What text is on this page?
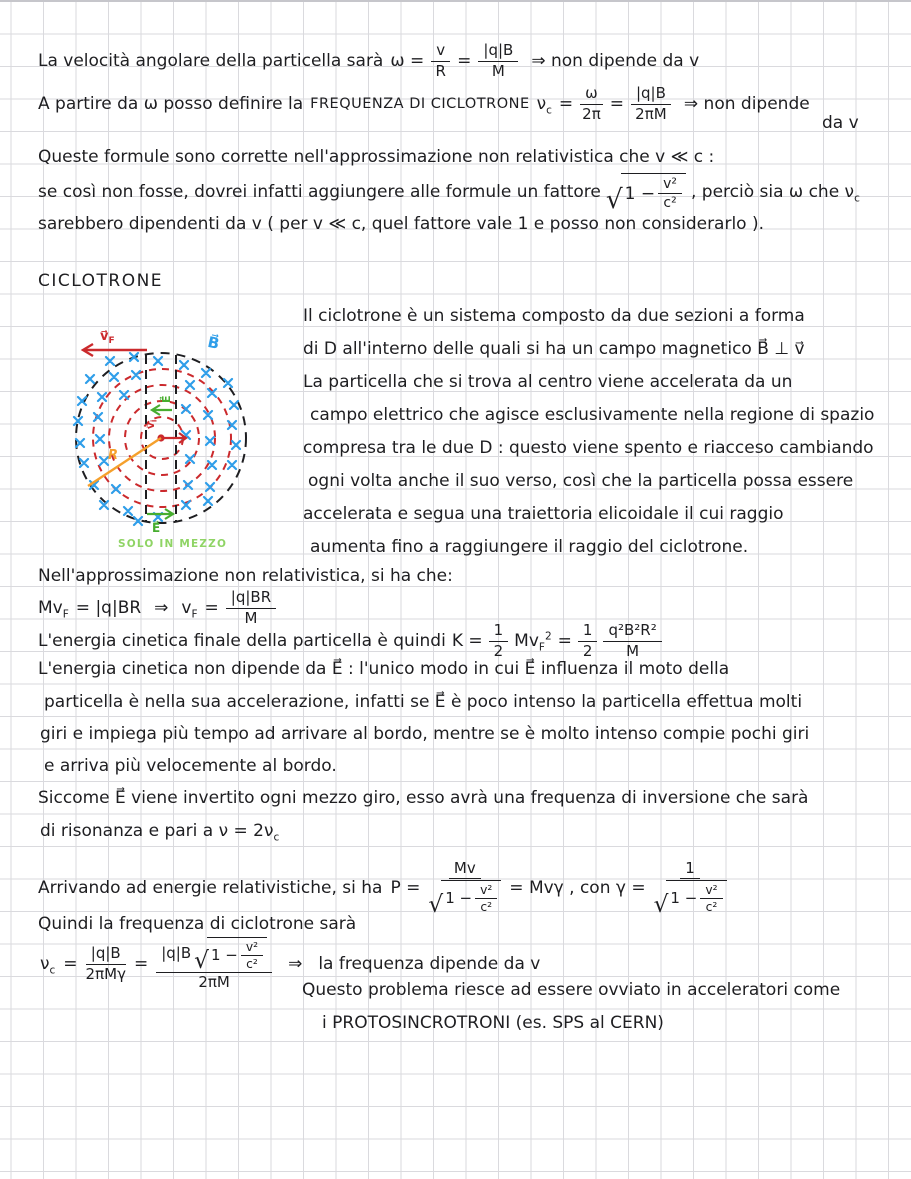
La velocità angolare della particella sarà $\omega = \frac{v}{R} = \frac{|q|B}{M}$ ⇒ non dipende da v
A partire da ω posso definire la FREQUENZA DI CICLOTRONE $\nu_c = \frac{\omega}{2\pi} = \frac{|q|B}{2\pi M}$ ⇒ non dipende
da v
Queste formule sono corrette nell'approssimazione non relativistica che v ≪ c :
se così non fosse, dovrei infatti aggiungere alle formule un fattore √ $1 - \frac{\text{v²}}{\text{c²}}$ , perciò sia ω che $\nu_c$
sarebbero dipendenti da v ( per v ≪ c, quel fattore vale 1 e posso non considerarlo ).
CICLOTRONE
$v⃗_F$	B⃗
E⃗
$v⃗_i$
R
E⃗
SOLO IN MEZZO
Il ciclotrone è un sistema composto da due sezioni a forma
di D all'interno delle quali si ha un campo magnetico B⃗ ⊥ v⃗
La particella che si trova al centro viene accelerata da un
campo elettrico che agisce esclusivamente nella regione di spazio
compresa tra le due D : questo viene spento e riacceso cambiando
ogni volta anche il suo verso, così che la particella possa essere
accelerata e segua una traiettoria elicoidale il cui raggio
aumenta fino a raggiungere il raggio del ciclotrone.
Nell'approssimazione non relativistica, si ha che:
$Mv_F = |q|BR$ ⇒ $v_F = \frac{|q|BR}{M}$
L'energia cinetica finale della particella è quindi $K = \frac{1}{2} Mv_F^2 = \frac{1}{2} \frac{\text{q²B²R²}}{M}$
L'energia cinetica non dipende da E⃗ : l'unico modo in cui E⃗ influenza il moto della
particella è nella sua accelerazione, infatti se E⃗ è poco intenso la particella effettua molti
giri e impiega più tempo ad arrivare al bordo, mentre se è molto intenso compie pochi giri
e arriva più velocemente al bordo.
Siccome E⃗ viene invertito ogni mezzo giro, esso avrà una frequenza di inversione che sarà
di risonanza e pari a $\nu = 2\nu_c$
Arrivando ad energie relativistiche, si ha P =
Mv
√ $1 - \frac{\text{v²}}{\text{c²}} = Mv\gamma$ , con γ =
1
√ $1 - \frac{\text{v²}}{\text{c²}}$
Quindi la frequenza di ciclotrone sarà
$\nu_c = \frac{|q|B}{\text{2πMγ}}$ =
|q|B √ $1 - \frac{\text{v²}}{\text{c²}}$
2πM
⇒ la frequenza dipende da v
Questo problema riesce ad essere ovviato in acceleratori come
i PROTOSINCROTRONI (es. SPS al CERN)
